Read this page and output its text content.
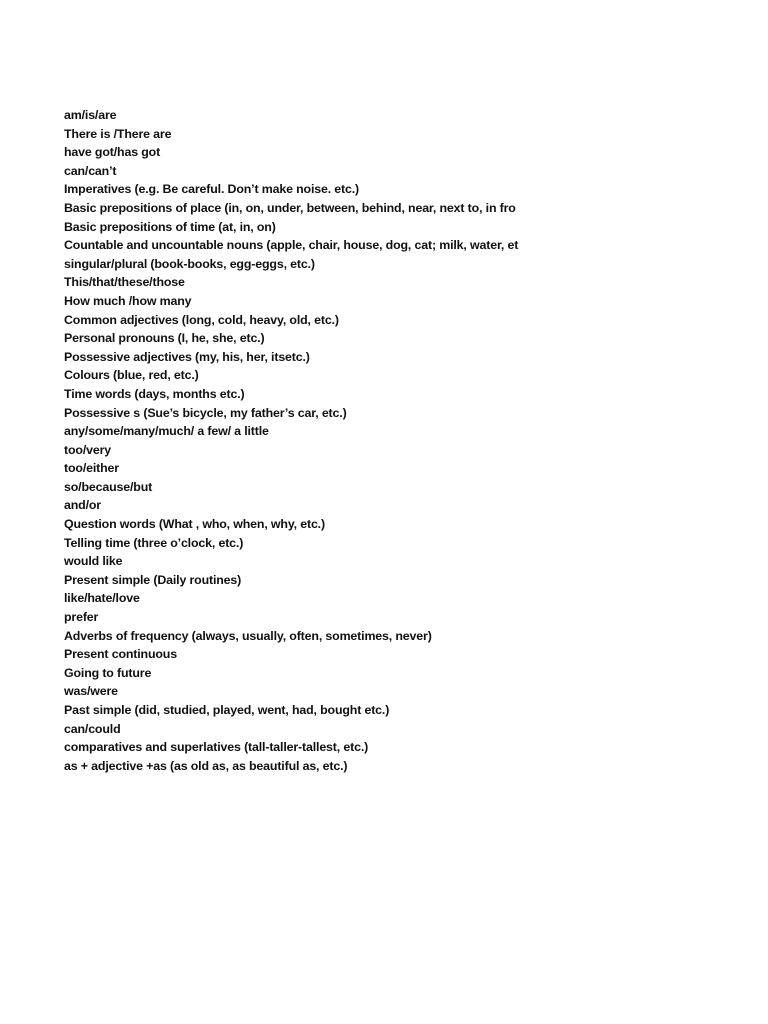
am/is/are
There is /There are
have got/has got
can/can’t
Imperatives (e.g. Be careful. Don’t make noise. etc.)
Basic prepositions of place (in, on, under, between, behind, near, next to, in fro
Basic prepositions of time (at, in, on)
Countable and uncountable nouns (apple, chair, house, dog, cat; milk, water, et
singular/plural (book-books, egg-eggs, etc.)
This/that/these/those
How much /how many
Common adjectives (long, cold, heavy, old, etc.)
Personal pronouns (I, he, she, etc.)
Possessive adjectives (my, his, her, itsetc.)
Colours (blue, red, etc.)
Time words (days, months etc.)
Possessive s (Sue’s bicycle, my father’s car, etc.)
any/some/many/much/ a few/ a little
too/very
too/either
so/because/but
and/or
Question words (What , who, when, why, etc.)
Telling time (three o’clock, etc.)
would like
Present simple (Daily routines)
like/hate/love
prefer
Adverbs of frequency (always, usually, often, sometimes, never)
Present continuous
Going to future
was/were
Past simple (did, studied, played, went, had, bought etc.)
can/could
comparatives and superlatives (tall-taller-tallest, etc.)
as + adjective +as (as old as, as beautiful as, etc.)
